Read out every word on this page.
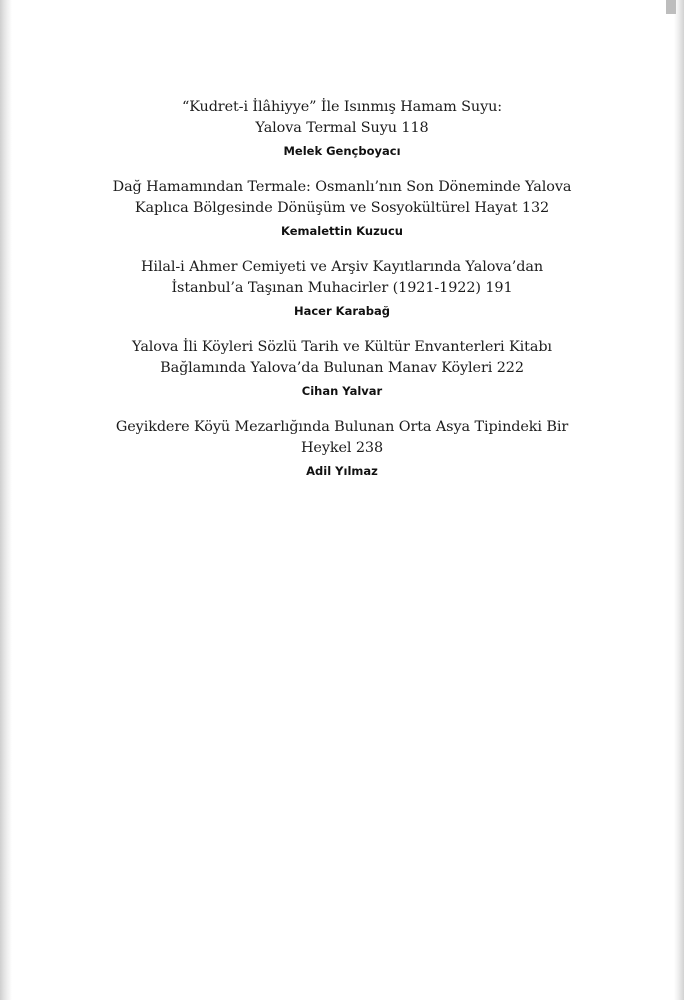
“Kudret-i İlâhiyye” İle Isınmış Hamam Suyu:
Yalova Termal Suyu 118
Melek Gençboyacı
Dağ Hamamından Termale: Osmanlı’nın Son Döneminde Yalova
Kaplıca Bölgesinde Dönüşüm ve Sosyokültürel Hayat 132
Kemalettin Kuzucu
Hilal-i Ahmer Cemiyeti ve Arşiv Kayıtlarında Yalova’dan
İstanbul’a Taşınan Muhacirler (1921-1922) 191
Hacer Karabağ
Yalova İli Köyleri Sözlü Tarih ve Kültür Envanterleri Kitabı
Bağlamında Yalova’da Bulunan Manav Köyleri 222
Cihan Yalvar
Geyikdere Köyü Mezarlığında Bulunan Orta Asya Tipindeki Bir
Heykel 238
Adil Yılmaz
